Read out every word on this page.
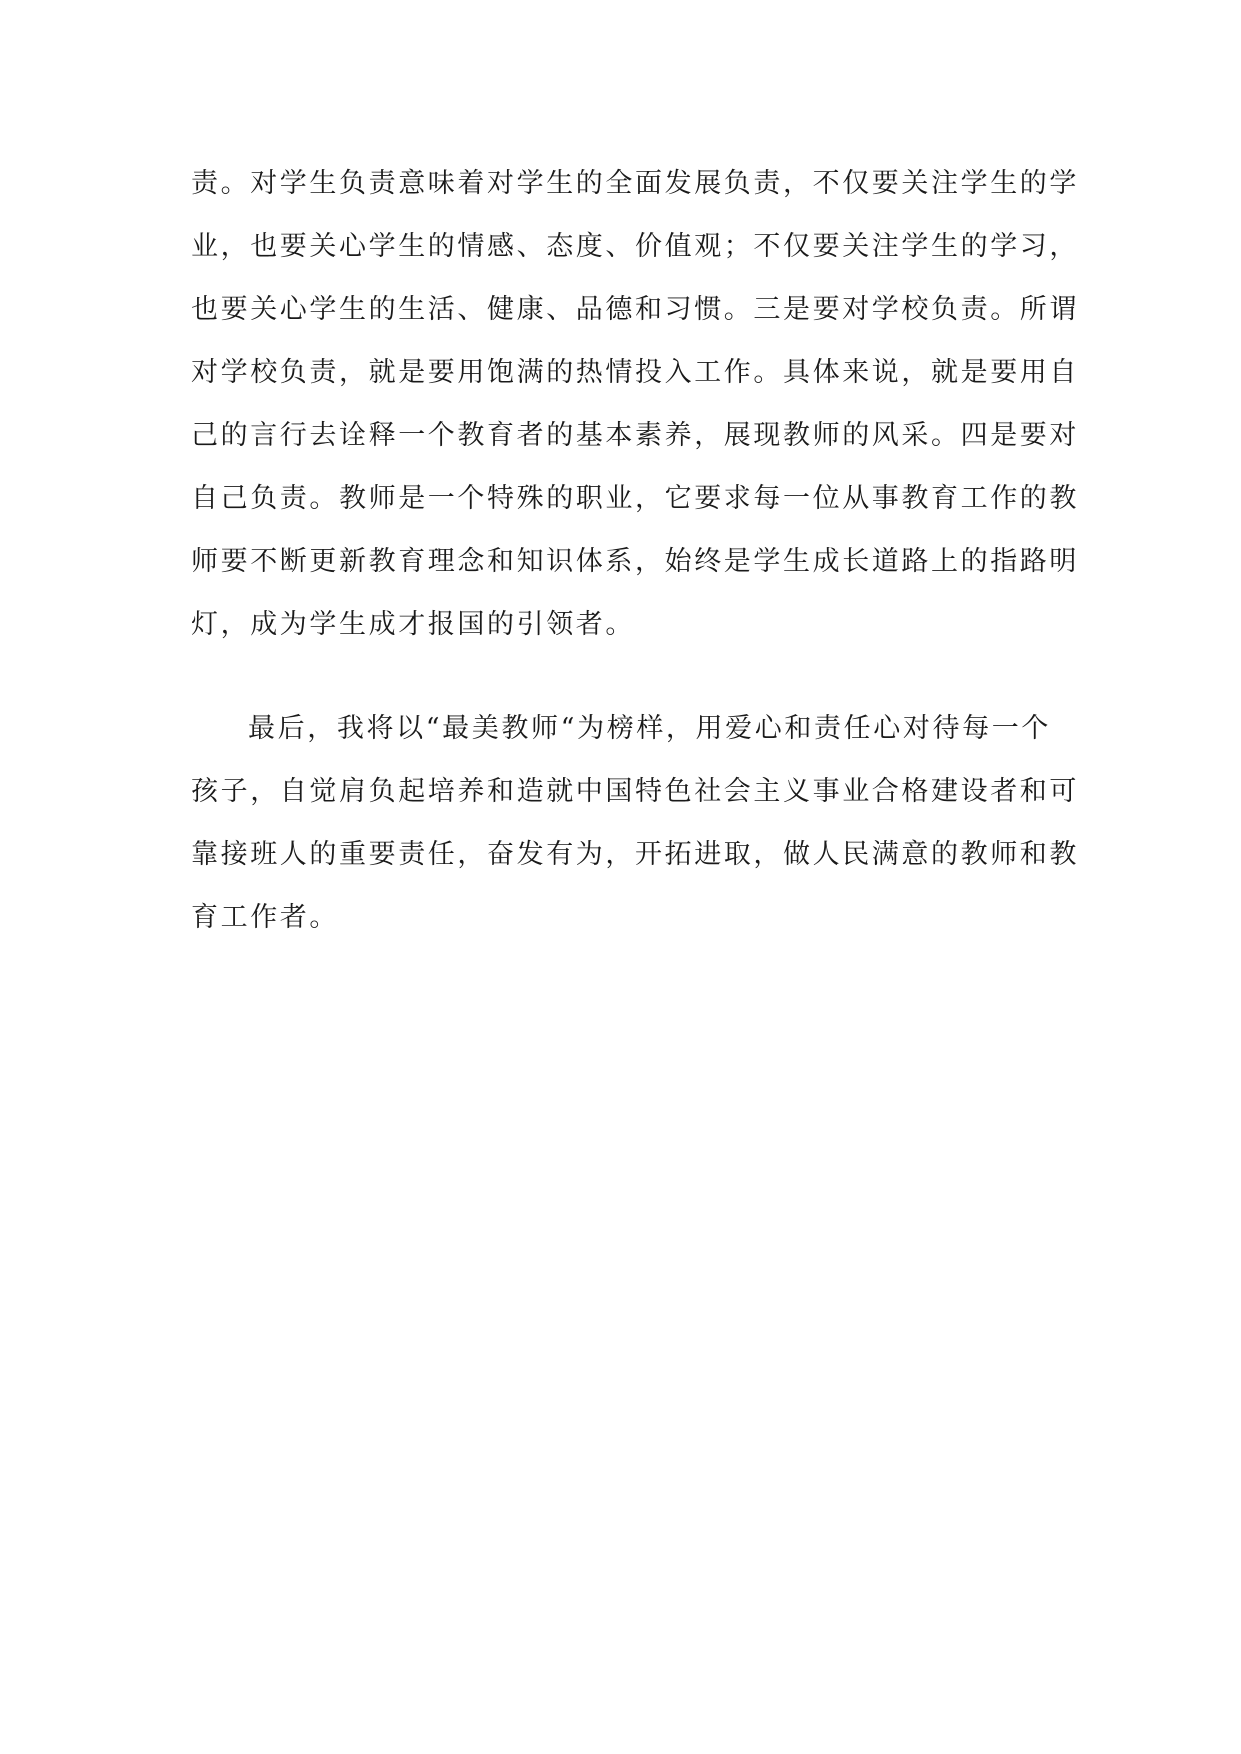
责。对学生负责意味着对学生的全面发展负责，不仅要关注学生的学
业，也要关心学生的情感、态度、价值观；不仅要关注学生的学习，
也要关心学生的生活、健康、品德和习惯。三是要对学校负责。所谓
对学校负责，就是要用饱满的热情投入工作。具体来说，就是要用自
己的言行去诠释一个教育者的基本素养，展现教师的风采。四是要对
自己负责。教师是一个特殊的职业，它要求每一位从事教育工作的教
师要不断更新教育理念和知识体系，始终是学生成长道路上的指路明
灯，成为学生成才报国的引领者。
最后，我将以“最美教师“为榜样，用爱心和责任心对待每一个
孩子，自觉肩负起培养和造就中国特色社会主义事业合格建设者和可
靠接班人的重要责任，奋发有为，开拓进取，做人民满意的教师和教
育工作者。
